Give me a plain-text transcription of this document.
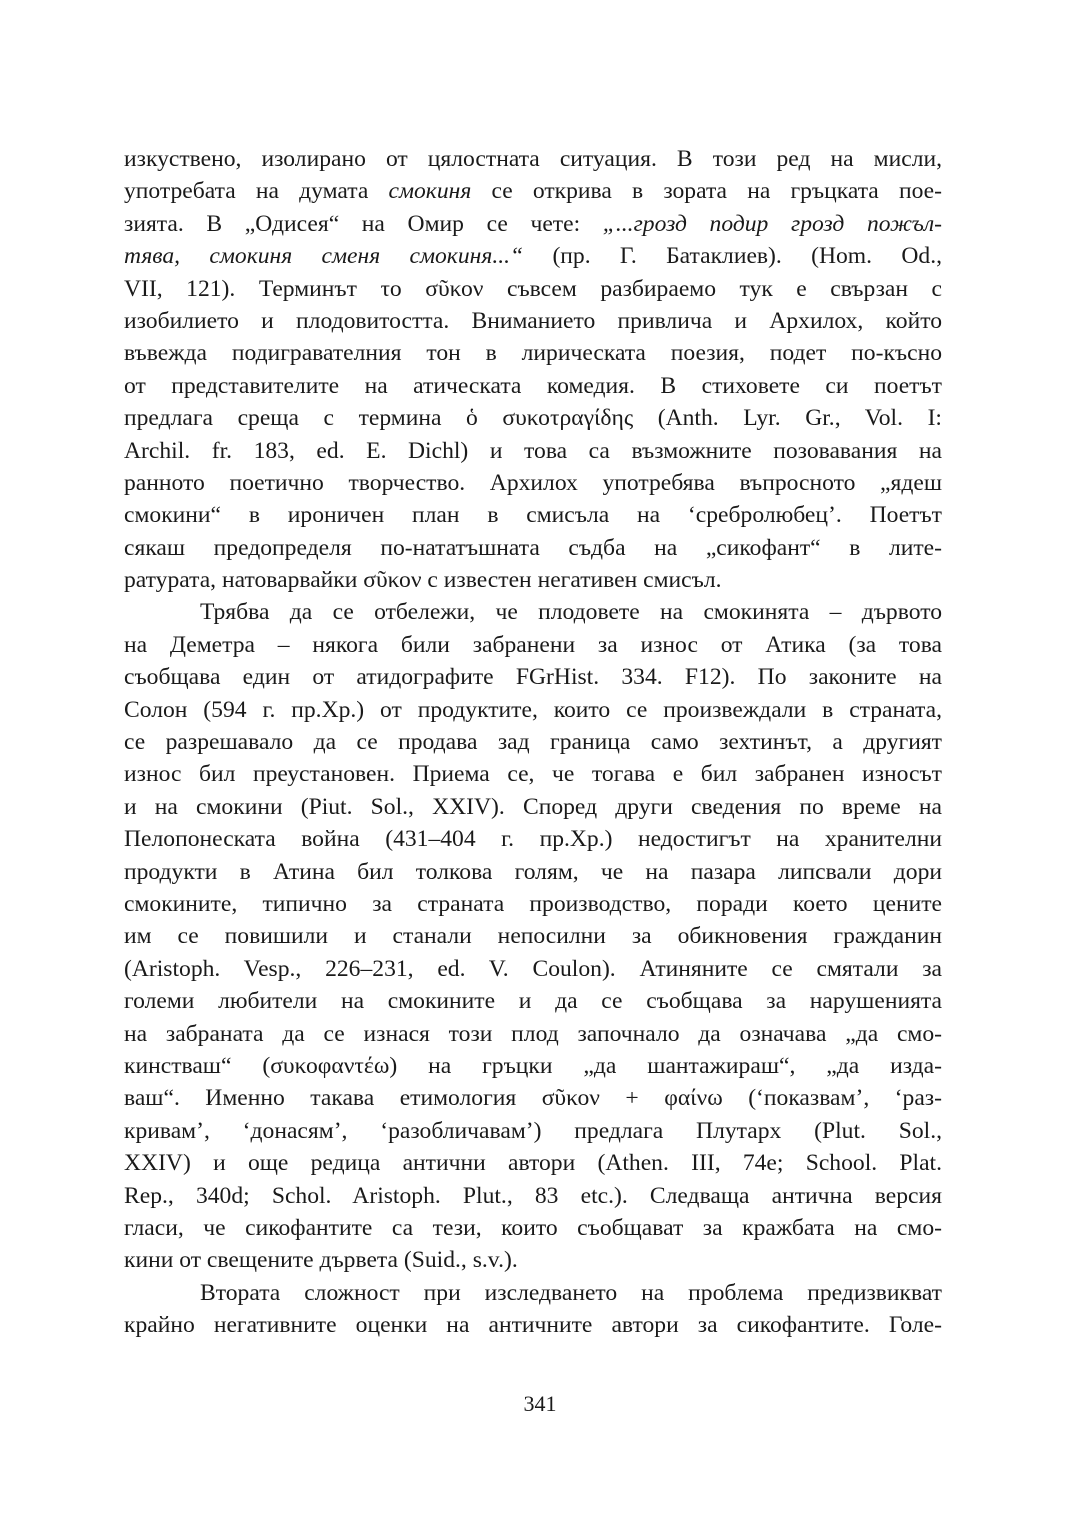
изкуствено, изолирано от цялостната ситуация. В този ред на мисли,
употребата на думата смокиня се открива в зората на гръцката пое-
зията. В „Одисея“ на Омир се чете: „...грозд подир грозд пожъл-
тява, смокиня сменя смокиня...“ (пр. Г. Батаклиев). (Hom. Od.,
VII, 121). Терминът το σῦκον съвсем разбираемо тук е свързан с
изобилието и плодовитостта. Вниманието привлича и Архилох, който
въвежда подигравателния тон в лирическата поезия, подет по-късно
от представителите на атическата комедия. В стиховете си поетът
предлага среща с термина ὁ συκοτραγίδης (Anth. Lyr. Gr., Vol. I:
Archil. fr. 183, ed. E. Dichl) и това са възможните позовавания на
ранното поетично творчество. Архилох употребява въпросното „ядеш
смокини“ в ироничен план в смисъла на ‘сребролюбец’. Поетът
сякаш предопределя по-нататъшната съдба на „сикофант“ в лите-
ратурата, натоварвайки σῦκον с известен негативен смисъл.
Трябва да се отбележи, че плодовете на смокинята – дървото
на Деметра – някога били забранени за износ от Атика (за това
съобщава един от атидографите FGrHist. 334. F12). По законите на
Солон (594 г. пр.Хр.) от продуктите, които се произвеждали в страната,
се разрешавало да се продава зад граница само зехтинът, а другият
износ бил преустановен. Приема се, че тогава е бил забранен износът
и на смокини (Piut. Sol., XXIV). Според други сведения по време на
Пелопонеската война (431–404 г. пр.Хр.) недостигът на хранителни
продукти в Атина бил толкова голям, че на пазара липсвали дори
смокините, типично за страната производство, поради което цените
им се повишили и станали непосилни за обикновения гражданин
(Aristoph. Vesp., 226–231, ed. V. Coulon). Атиняните се смятали за
големи любители на смокините и да се съобщава за нарушенията
на забраната да се изнася този плод започнало да означава „да смо-
кинстваш“ (συκοφαντέω) на гръцки „да шантажираш“, „да изда-
ваш“. Именно такава етимология σῦκον + φαίνω (‘показвам’, ‘раз-
кривам’, ‘донасям’, ‘разобличавам’) предлага Плутарх (Plut. Sol.,
XXIV) и още редица антични автори (Athen. III, 74e; School. Plat.
Rep., 340d; Schol. Aristoph. Plut., 83 etc.). Следваща антична версия
гласи, че сикофантите са тези, които съобщават за кражбата на смо-
кини от свещените дървета (Suid., s.v.).
Втората сложност при изследването на проблема предизвикват
крайно негативните оценки на античните автори за сикофантите. Голе-
341
